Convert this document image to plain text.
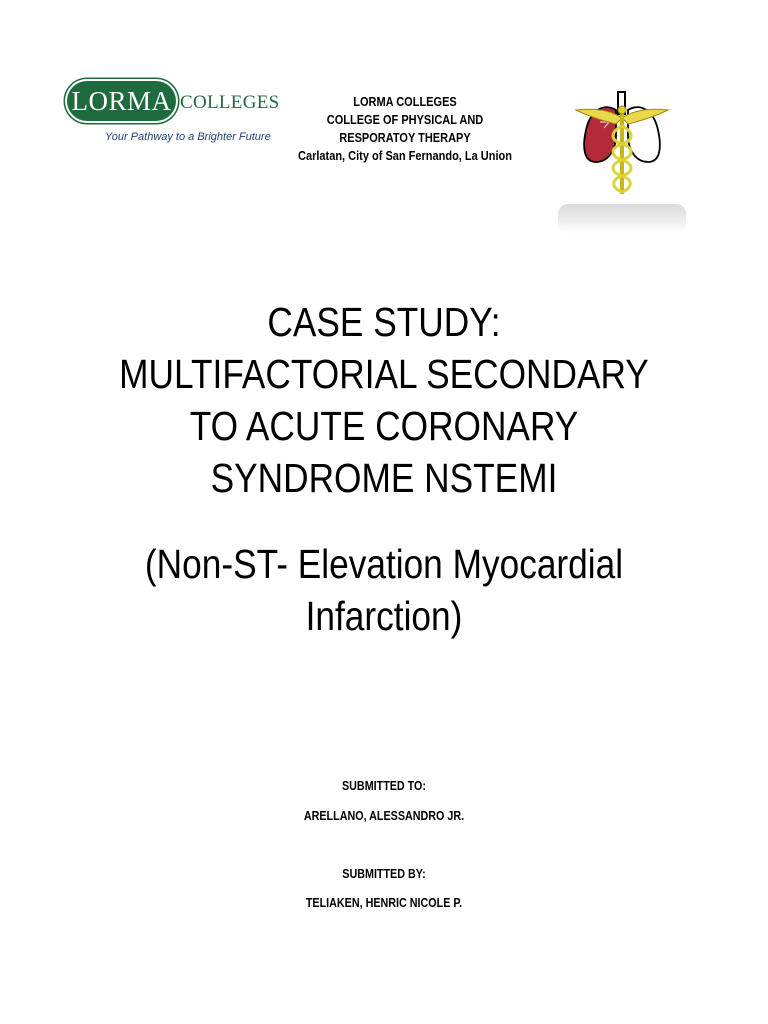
LORMA COLLEGES
Your Pathway to a Brighter Future
LORMA COLLEGES
COLLEGE OF PHYSICAL AND
RESPORATOY THERAPY
Carlatan, City of San Fernando, La Union
CASE STUDY:
MULTIFACTORIAL SECONDARY
TO ACUTE CORONARY
SYNDROME NSTEMI
(Non-ST- Elevation Myocardial
Infarction)
SUBMITTED TO:
ARELLANO, ALESSANDRO JR.
SUBMITTED BY:
TELIAKEN, HENRIC NICOLE P.
